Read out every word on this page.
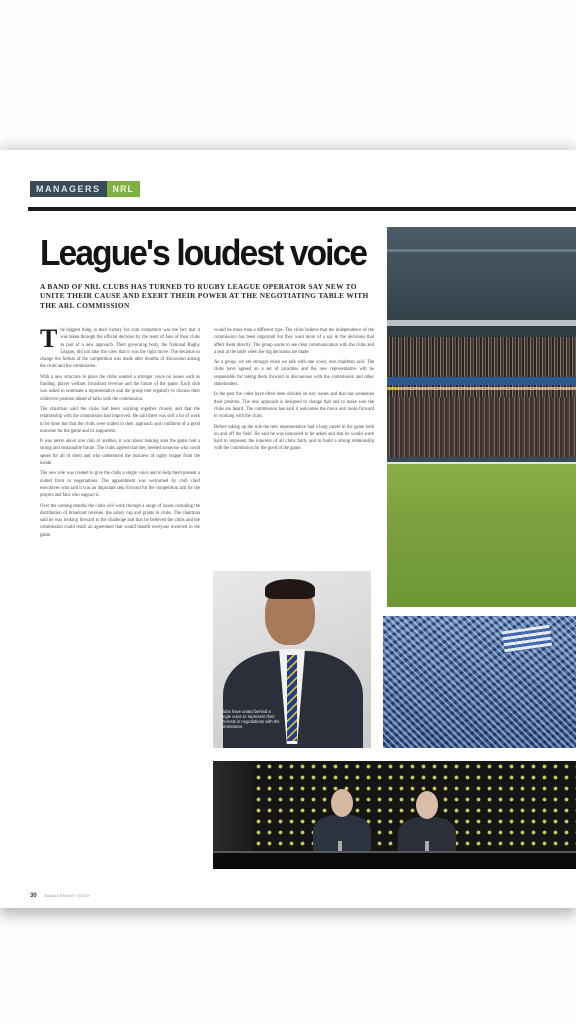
MANAGERS	NRL
League's loudest voice
A BAND OF NRL CLUBS HAS TURNED TO RUGBY LEAGUE OPERATOR SAY NEW TO UNITE THEIR CAUSE AND EXERT THEIR POWER AT THE NEGOTIATING TABLE WITH THE ARL COMMISSION
T he biggest thing in their history for club competitor was the fact that it was taken through the official decision by the team of fans of their clubs as part of a new approach. Their governing body, the National Rugby League, did not take the view that it was the right move. The decision to change the format of the competition was made after months of discussion among the clubs and the commission.

With a new structure in place the clubs wanted a stronger voice on issues such as funding, player welfare, broadcast revenue and the future of the game. Each club was asked to nominate a representative and the group met regularly to discuss their collective position ahead of talks with the commission.

The chairman said the clubs had been working together closely and that the relationship with the commission had improved. He said there was still a lot of work to be done but that the clubs were united in their approach and confident of a good outcome for the game and its supporters.

It was never about one club or another, it was about making sure the game had a strong and sustainable future. The clubs agreed that they needed someone who could speak for all of them and who understood the business of rugby league from the inside.

The new role was created to give the clubs a single voice and to help them present a united front in negotiations. The appointment was welcomed by club chief executives who said it was an important step forward for the competition and for the players and fans who support it.

Over the coming months the clubs will work through a range of issues including the distribution of broadcast revenue, the salary cap and grants to clubs. The chairman said he was looking forward to the challenge and that he believed the clubs and the commission could reach an agreement that would benefit everyone involved in the game.

would be more than a different type. The clubs believe that the independence of the commission has been important but they want more of a say in the decisions that affect them directly. The group wants to see clear communication with the clubs and a seat at the table when the big decisions are made.

As a group, we are stronger when we talk with one voice, one chairman said. The clubs have agreed on a set of priorities and the new representative will be responsible for taking them forward in discussions with the commission and other stakeholders.

In the past the clubs have often been divided on key issues and that has weakened their position. The new approach is designed to change that and to make sure the clubs are heard. The commission has said it welcomes the move and looks forward to working with the clubs.

Before taking up the role the new representative had a long career in the game both on and off the field. He said he was honoured to be asked and that he would work hard to represent the interests of all clubs fairly and to build a strong relationship with the commission for the good of the game.

Clubs have united behind a single voice to represent their interests in negotiations with the commission.
30 MANAGEMENT TODAY
